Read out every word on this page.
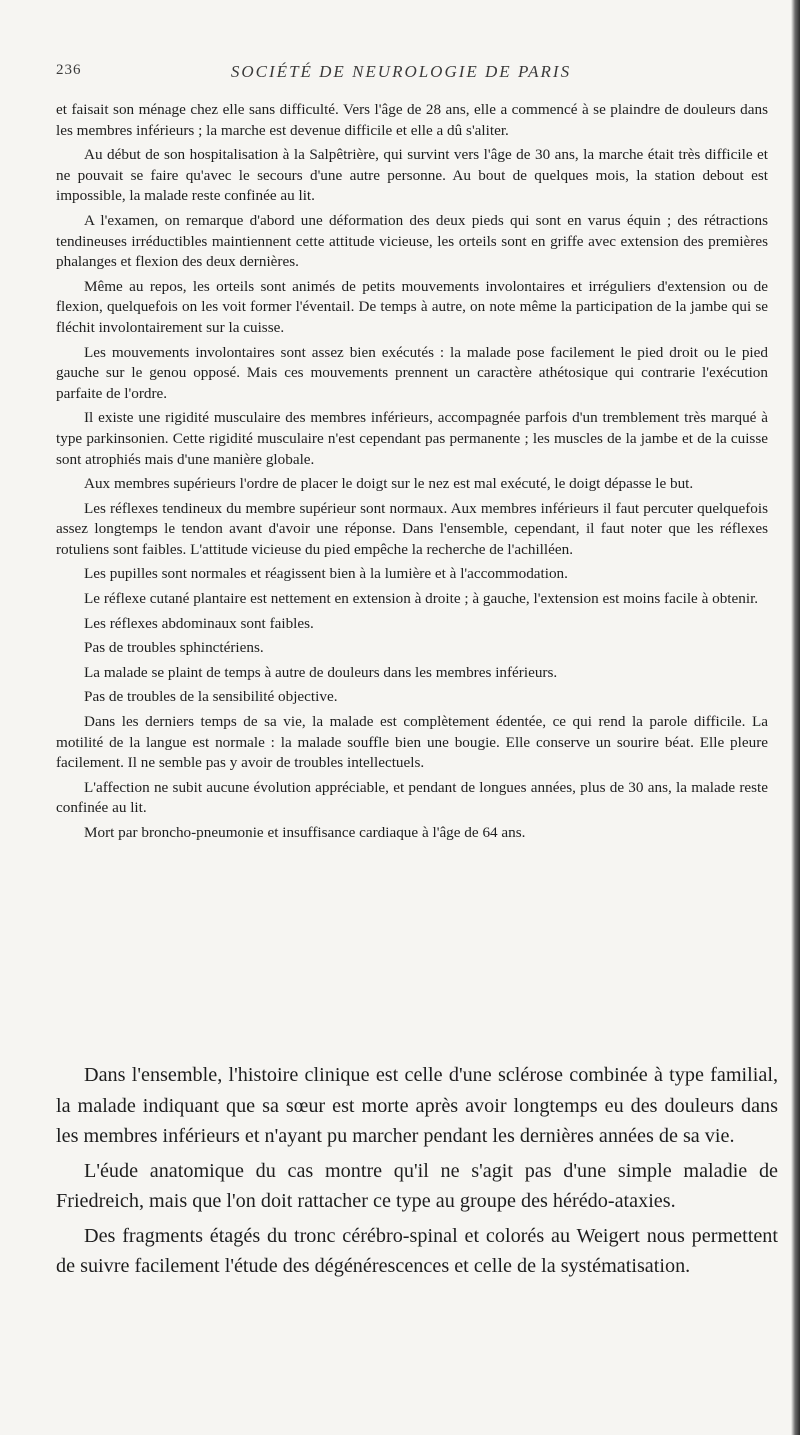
236	SOCIÉTÉ DE NEUROLOGIE DE PARIS

et faisait son ménage chez elle sans difficulté. Vers l'âge de 28 ans, elle a commencé à se plaindre de douleurs dans les membres inférieurs ; la marche est devenue difficile et elle a dû s'aliter.

Au début de son hospitalisation à la Salpêtrière, qui survint vers l'âge de 30 ans, la marche était très difficile et ne pouvait se faire qu'avec le secours d'une autre personne. Au bout de quelques mois, la station debout est impossible, la malade reste confinée au lit.

A l'examen, on remarque d'abord une déformation des deux pieds qui sont en varus équin ; des rétractions tendineuses irréductibles maintiennent cette attitude vicieuse, les orteils sont en griffe avec extension des premières phalanges et flexion des deux dernières.

Même au repos, les orteils sont animés de petits mouvements involontaires et irréguliers d'extension ou de flexion, quelquefois on les voit former l'éventail. De temps à autre, on note même la participation de la jambe qui se fléchit involontairement sur la cuisse.

Les mouvements involontaires sont assez bien exécutés : la malade pose facilement le pied droit ou le pied gauche sur le genou opposé. Mais ces mouvements prennent un caractère athétosique qui contrarie l'exécution parfaite de l'ordre.

Il existe une rigidité musculaire des membres inférieurs, accompagnée parfois d'un tremblement très marqué à type parkinsonien. Cette rigidité musculaire n'est cependant pas permanente ; les muscles de la jambe et de la cuisse sont atrophiés mais d'une manière globale.

Aux membres supérieurs l'ordre de placer le doigt sur le nez est mal exécuté, le doigt dépasse le but.

Les réflexes tendineux du membre supérieur sont normaux. Aux membres inférieurs il faut percuter quelquefois assez longtemps le tendon avant d'avoir une réponse. Dans l'ensemble, cependant, il faut noter que les réflexes rotuliens sont faibles. L'attitude vicieuse du pied empêche la recherche de l'achilléen.

Les pupilles sont normales et réagissent bien à la lumière et à l'accommodation.

Le réflexe cutané plantaire est nettement en extension à droite ; à gauche, l'extension est moins facile à obtenir.

Les réflexes abdominaux sont faibles.

Pas de troubles sphinctériens.

La malade se plaint de temps à autre de douleurs dans les membres inférieurs.

Pas de troubles de la sensibilité objective.

Dans les derniers temps de sa vie, la malade est complètement édentée, ce qui rend la parole difficile. La motilité de la langue est normale : la malade souffle bien une bougie. Elle conserve un sourire béat. Elle pleure facilement. Il ne semble pas y avoir de troubles intellectuels.

L'affection ne subit aucune évolution appréciable, et pendant de longues années, plus de 30 ans, la malade reste confinée au lit.

Mort par broncho-pneumonie et insuffisance cardiaque à l'âge de 64 ans.

Dans l'ensemble, l'histoire clinique est celle d'une sclérose combinée à type familial, la malade indiquant que sa sœur est morte après avoir longtemps eu des douleurs dans les membres inférieurs et n'ayant pu marcher pendant les dernières années de sa vie.

L'éude anatomique du cas montre qu'il ne s'agit pas d'une simple maladie de Friedreich, mais que l'on doit rattacher ce type au groupe des hérédo-ataxies.

Des fragments étagés du tronc cérébro-spinal et colorés au Weigert nous permettent de suivre facilement l'étude des dégénérescences et celle de la systématisation.
